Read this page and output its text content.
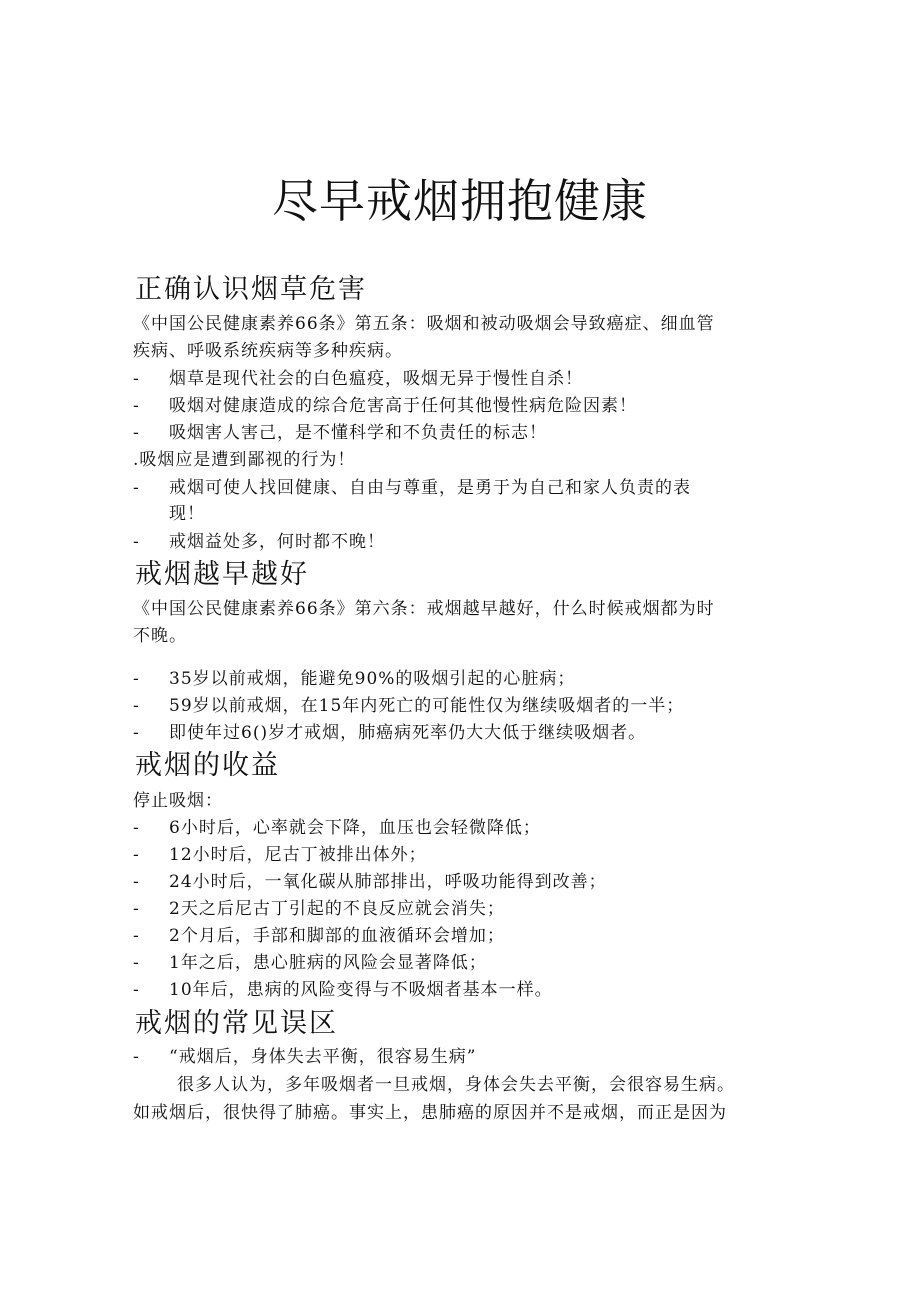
尽早戒烟拥抱健康
正确认识烟草危害
《中国公民健康素养66条》第五条：吸烟和被动吸烟会导致癌症、细血管
疾病、呼吸系统疾病等多种疾病。
- 烟草是现代社会的白色瘟疫，吸烟无异于慢性自杀！
- 吸烟对健康造成的综合危害高于任何其他慢性病危险因素！
- 吸烟害人害己，是不懂科学和不负责任的标志！
.吸烟应是遭到鄙视的行为！
- 戒烟可使人找回健康、自由与尊重，是勇于为自己和家人负责的表
现！
- 戒烟益处多，何时都不晚！
戒烟越早越好
《中国公民健康素养66条》第六条：戒烟越早越好，什么时候戒烟都为时
不晚。
- 35岁以前戒烟，能避免90%的吸烟引起的心脏病；
- 59岁以前戒烟，在15年内死亡的可能性仅为继续吸烟者的一半；
- 即使年过6()岁才戒烟，肺癌病死率仍大大低于继续吸烟者。
戒烟的收益
停止吸烟：
- 6小时后，心率就会下降，血压也会轻微降低；
- 12小时后，尼古丁被排出体外；
- 24小时后，一氧化碳从肺部排出，呼吸功能得到改善；
- 2天之后尼古丁引起的不良反应就会消失；
- 2个月后，手部和脚部的血液循环会增加；
- 1年之后，患心脏病的风险会显著降低；
- 10年后，患病的风险变得与不吸烟者基本一样。
戒烟的常见误区
- “戒烟后，身体失去平衡，很容易生病”
很多人认为，多年吸烟者一旦戒烟，身体会失去平衡，会很容易生病。
如戒烟后，很快得了肺癌。事实上，患肺癌的原因并不是戒烟，而正是因为
